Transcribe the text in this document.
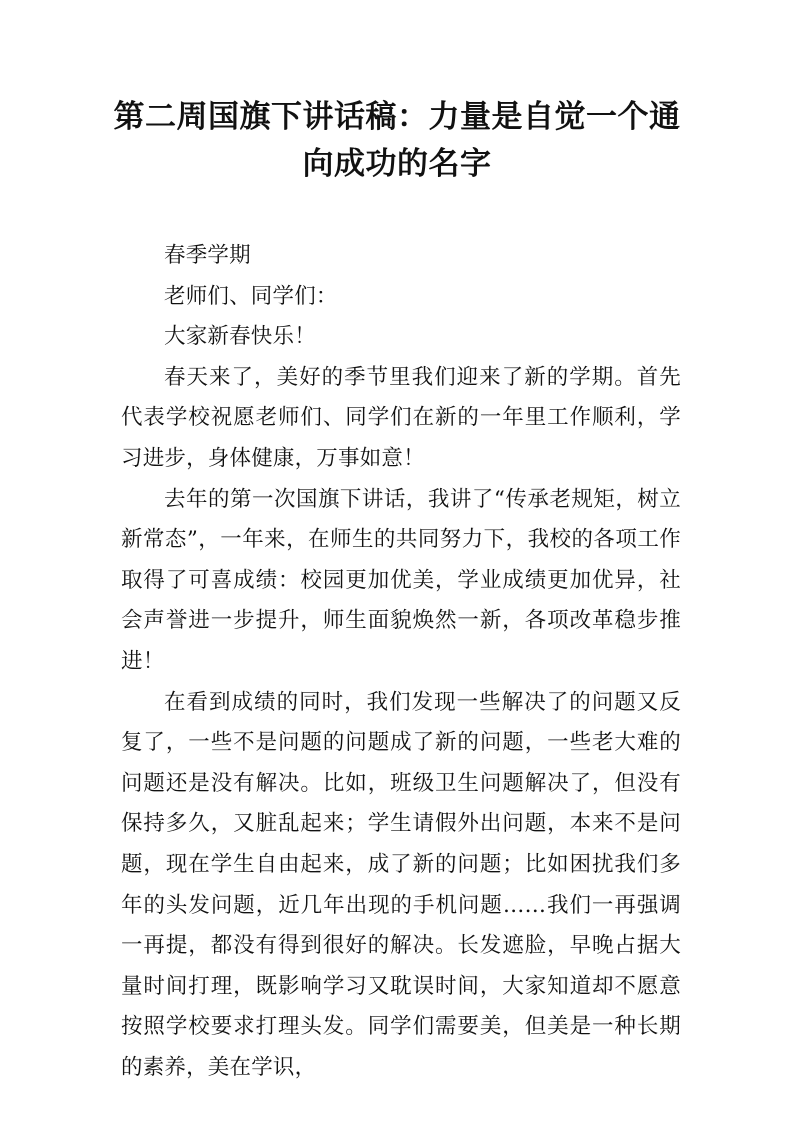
第二周国旗下讲话稿：力量是自觉一个通向成功的名字

春季学期

老师们、同学们：

大家新春快乐！

春天来了，美好的季节里我们迎来了新的学期。首先代表学校祝愿老师们、同学们在新的一年里工作顺利，学习进步，身体健康，万事如意！

去年的第一次国旗下讲话，我讲了“传承老规矩，树立新常态”，一年来，在师生的共同努力下，我校的各项工作取得了可喜成绩：校园更加优美，学业成绩更加优异，社会声誉进一步提升，师生面貌焕然一新，各项改革稳步推进！

在看到成绩的同时，我们发现一些解决了的问题又反复了，一些不是问题的问题成了新的问题，一些老大难的问题还是没有解决。比如，班级卫生问题解决了，但没有保持多久，又脏乱起来；学生请假外出问题，本来不是问题，现在学生自由起来，成了新的问题；比如困扰我们多年的头发问题，近几年出现的手机问题……我们一再强调一再提，都没有得到很好的解决。长发遮脸，早晚占据大量时间打理，既影响学习又耽误时间，大家知道却不愿意按照学校要求打理头发。同学们需要美，但美是一种长期的素养，美在学识，
